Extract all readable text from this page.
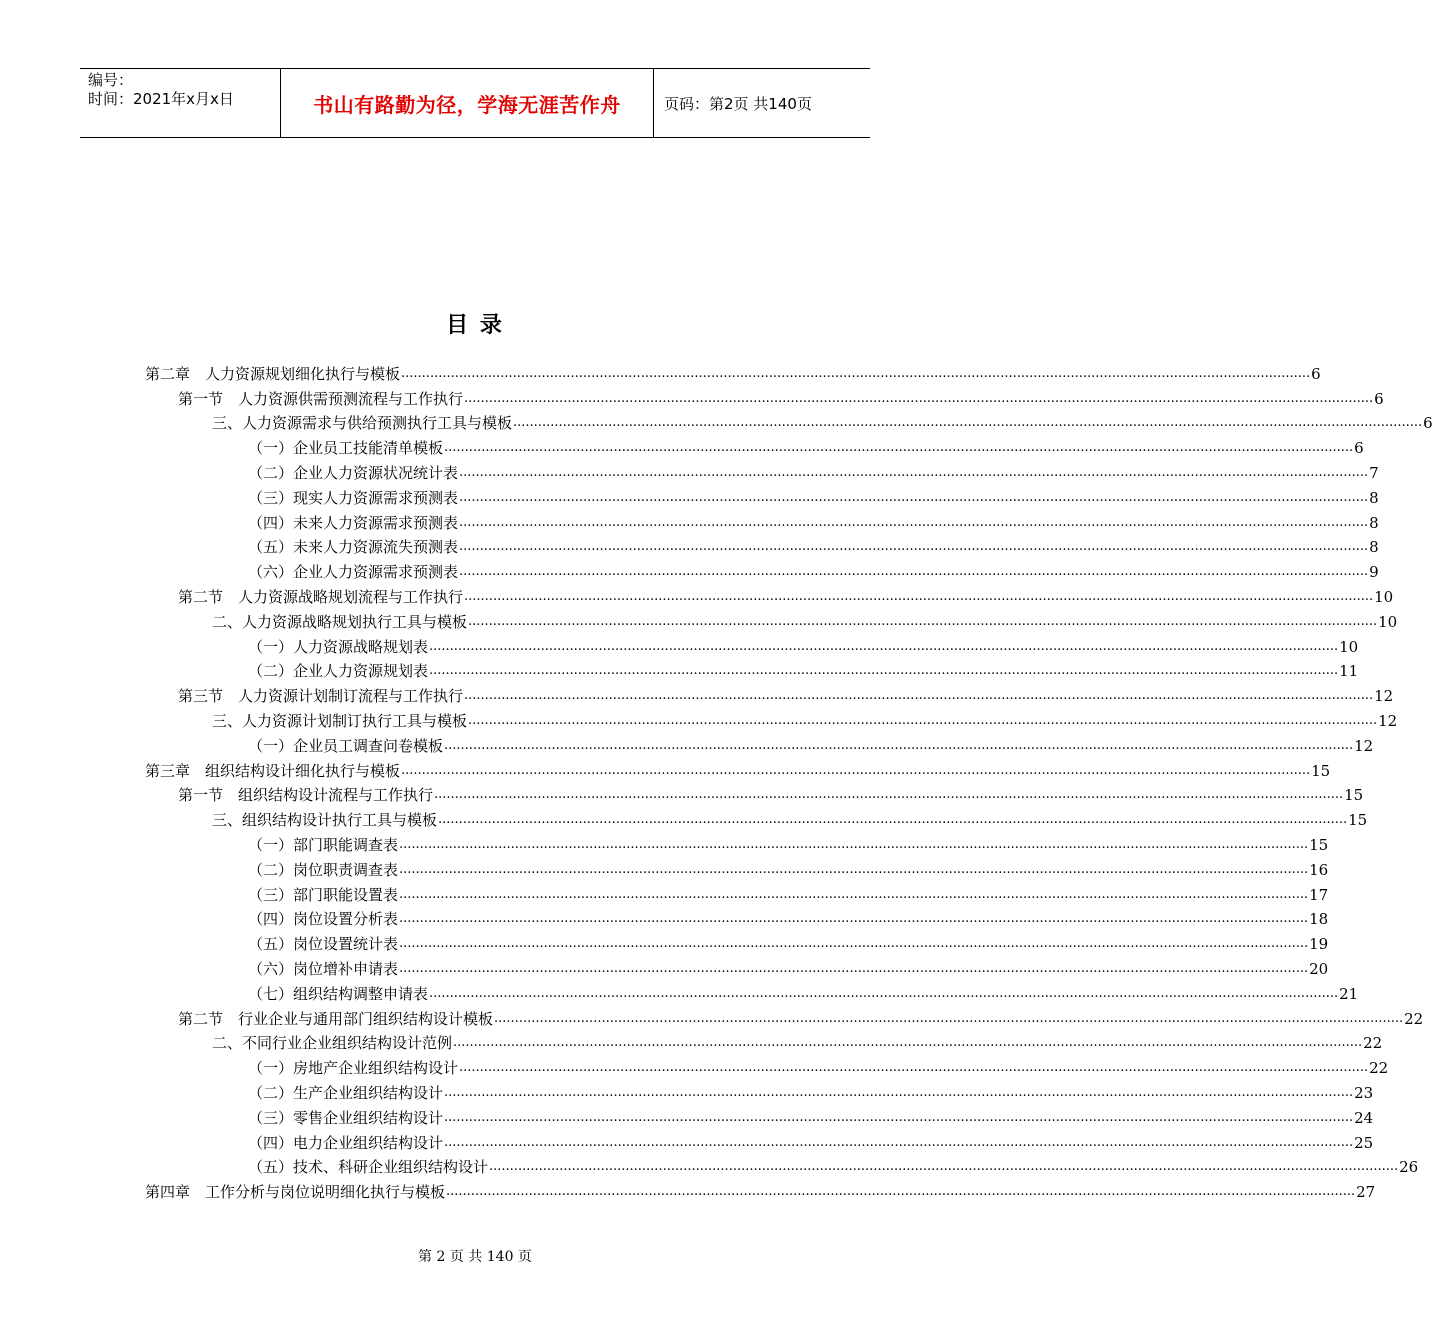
编号：
时间：2021年x月x日	书山有路勤为径，学海无涯苦作舟	页码：第2页 共140页
目 录
第二章　人力资源规划细化执行与模板 ............................................................................................................................................................................................................................ 6
第一节　人力资源供需预测流程与工作执行 ............................................................................................................................................................................................................................ 6
三、人力资源需求与供给预测执行工具与模板 ............................................................................................................................................................................................................................ 6
（一）企业员工技能清单模板 ............................................................................................................................................................................................................................ 6
（二）企业人力资源状况统计表 ............................................................................................................................................................................................................................ 7
（三）现实人力资源需求预测表 ............................................................................................................................................................................................................................ 8
（四）未来人力资源需求预测表 ............................................................................................................................................................................................................................ 8
（五）未来人力资源流失预测表 ............................................................................................................................................................................................................................ 8
（六）企业人力资源需求预测表 ............................................................................................................................................................................................................................ 9
第二节　人力资源战略规划流程与工作执行 ............................................................................................................................................................................................................................ 10
二、人力资源战略规划执行工具与模板 ............................................................................................................................................................................................................................ 10
（一）人力资源战略规划表 ............................................................................................................................................................................................................................ 10
（二）企业人力资源规划表 ............................................................................................................................................................................................................................ 11
第三节　人力资源计划制订流程与工作执行 ............................................................................................................................................................................................................................ 12
三、人力资源计划制订执行工具与模板 ............................................................................................................................................................................................................................ 12
（一）企业员工调查问卷模板 ............................................................................................................................................................................................................................ 12
第三章　组织结构设计细化执行与模板 ............................................................................................................................................................................................................................ 15
第一节　组织结构设计流程与工作执行 ............................................................................................................................................................................................................................ 15
三、组织结构设计执行工具与模板 ............................................................................................................................................................................................................................ 15
（一）部门职能调查表 ............................................................................................................................................................................................................................ 15
（二）岗位职责调查表 ............................................................................................................................................................................................................................ 16
（三）部门职能设置表 ............................................................................................................................................................................................................................ 17
（四）岗位设置分析表 ............................................................................................................................................................................................................................ 18
（五）岗位设置统计表 ............................................................................................................................................................................................................................ 19
（六）岗位增补申请表 ............................................................................................................................................................................................................................ 20
（七）组织结构调整申请表 ............................................................................................................................................................................................................................ 21
第二节　行业企业与通用部门组织结构设计模板 ............................................................................................................................................................................................................................ 22
二、不同行业企业组织结构设计范例 ............................................................................................................................................................................................................................ 22
（一）房地产企业组织结构设计 ............................................................................................................................................................................................................................ 22
（二）生产企业组织结构设计 ............................................................................................................................................................................................................................ 23
（三）零售企业组织结构设计 ............................................................................................................................................................................................................................ 24
（四）电力企业组织结构设计 ............................................................................................................................................................................................................................ 25
（五）技术、科研企业组织结构设计 ............................................................................................................................................................................................................................ 26
第四章　工作分析与岗位说明细化执行与模板 ............................................................................................................................................................................................................................ 27
第 2 页 共 140 页
